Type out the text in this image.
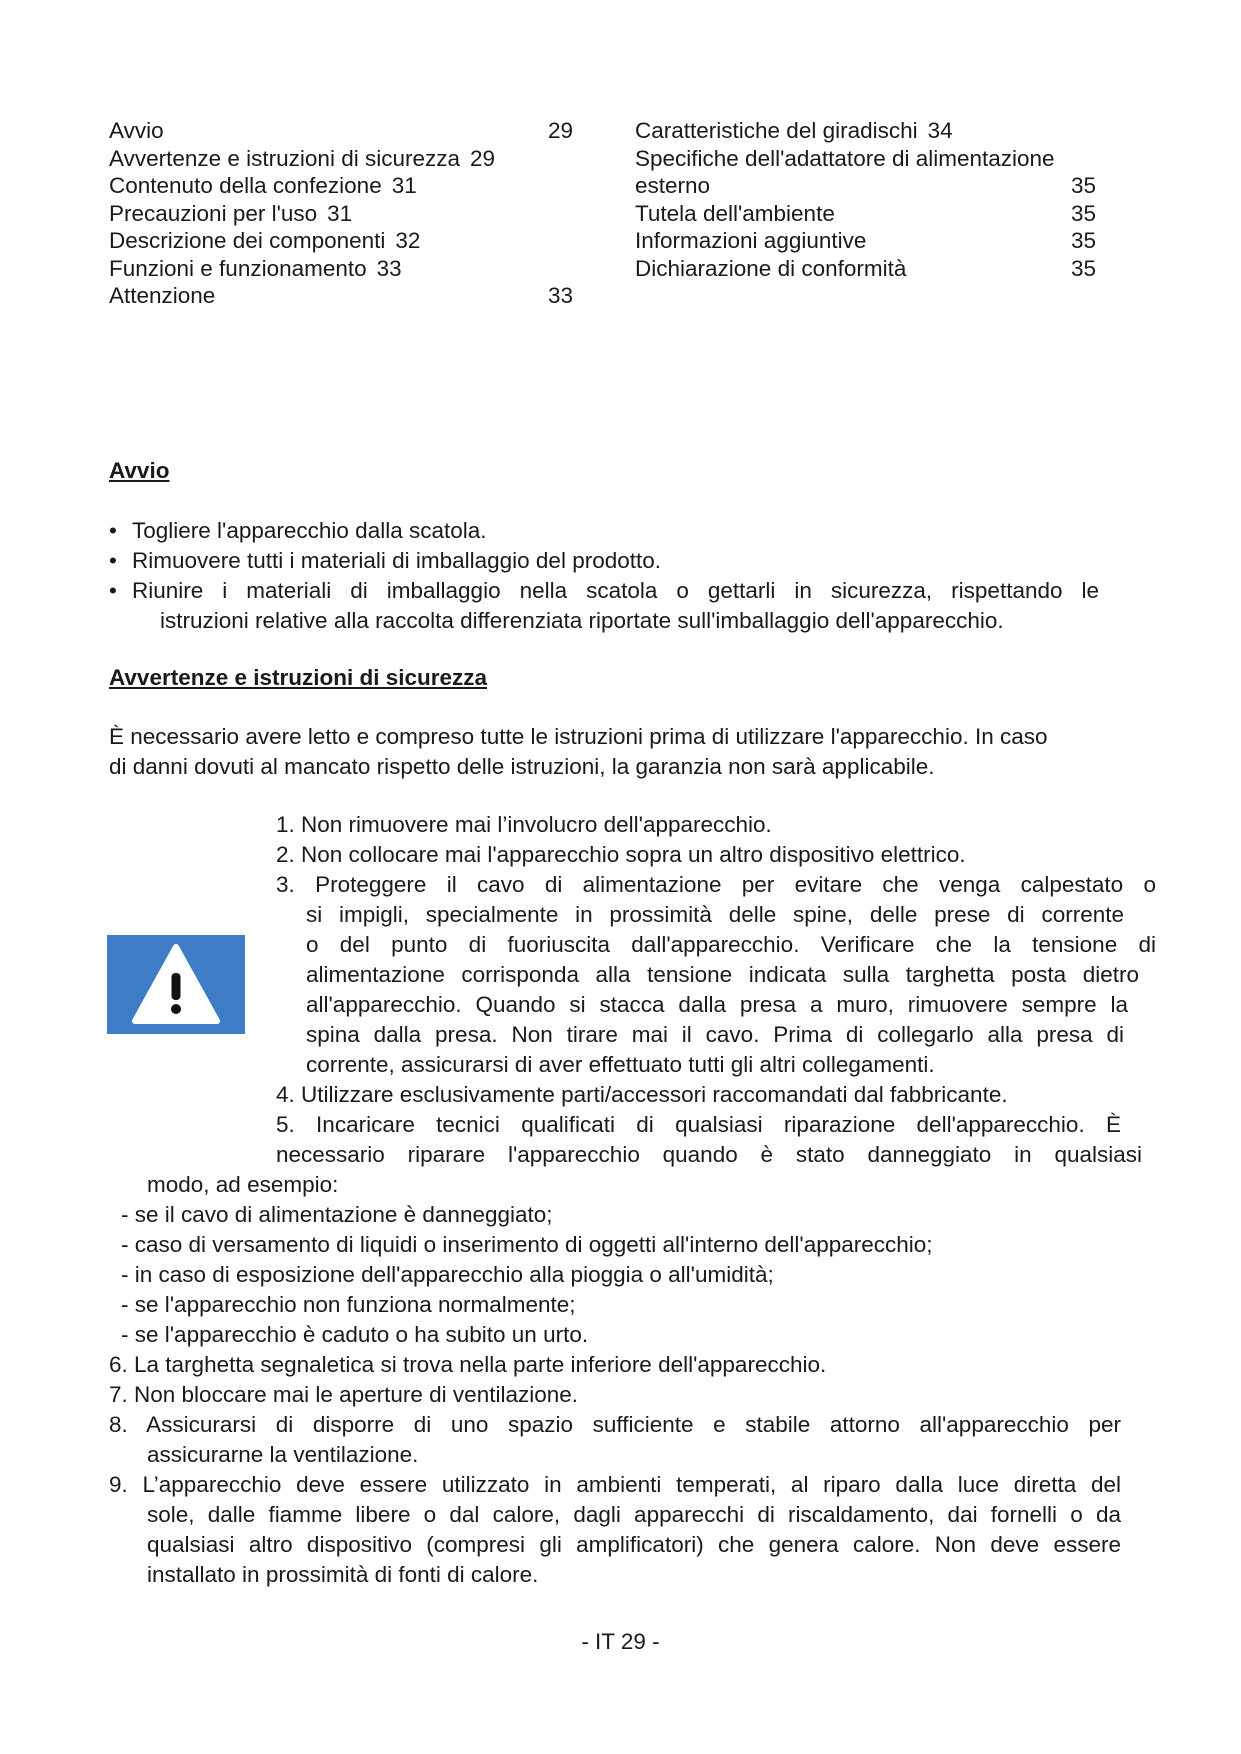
Avvio	29
Avvertenze e istruzioni di sicurezza 29
Contenuto della confezione 31
Precauzioni per l'uso 31
Descrizione dei componenti 32
Funzioni e funzionamento 33
Attenzione	33
Caratteristiche del giradischi 34
Specifiche dell'adattatore di alimentazione
esterno	35
Tutela dell'ambiente	35
Informazioni aggiuntive	35
Dichiarazione di conformità	35
Avvio
• Togliere l'apparecchio dalla scatola.
• Rimuovere tutti i materiali di imballaggio del prodotto.
• Riunire i materiali di imballaggio nella scatola o gettarli in sicurezza, rispettando le
istruzioni relative alla raccolta differenziata riportate sull'imballaggio dell'apparecchio.
Avvertenze e istruzioni di sicurezza
È necessario avere letto e compreso tutte le istruzioni prima di utilizzare l'apparecchio. In caso
di danni dovuti al mancato rispetto delle istruzioni, la garanzia non sarà applicabile.
1. Non rimuovere mai l’involucro dell'apparecchio.
2. Non collocare mai l'apparecchio sopra un altro dispositivo elettrico.
3. Proteggere il cavo di alimentazione per evitare che venga calpestato o
si impigli, specialmente in prossimità delle spine, delle prese di corrente
o del punto di fuoriuscita dall'apparecchio. Verificare che la tensione di
alimentazione corrisponda alla tensione indicata sulla targhetta posta dietro
all'apparecchio. Quando si stacca dalla presa a muro, rimuovere sempre la
spina dalla presa. Non tirare mai il cavo. Prima di collegarlo alla presa di
corrente, assicurarsi di aver effettuato tutti gli altri collegamenti.
4. Utilizzare esclusivamente parti/accessori raccomandati dal fabbricante.
5. Incaricare tecnici qualificati di qualsiasi riparazione dell'apparecchio. È
necessario riparare l'apparecchio quando è stato danneggiato in qualsiasi
modo, ad esempio:
- se il cavo di alimentazione è danneggiato;
- caso di versamento di liquidi o inserimento di oggetti all'interno dell'apparecchio;
- in caso di esposizione dell'apparecchio alla pioggia o all'umidità;
- se l'apparecchio non funziona normalmente;
- se l'apparecchio è caduto o ha subito un urto.
6. La targhetta segnaletica si trova nella parte inferiore dell'apparecchio.
7. Non bloccare mai le aperture di ventilazione.
8. Assicurarsi di disporre di uno spazio sufficiente e stabile attorno all'apparecchio per
assicurarne la ventilazione.
9. L’apparecchio deve essere utilizzato in ambienti temperati, al riparo dalla luce diretta del
sole, dalle fiamme libere o dal calore, dagli apparecchi di riscaldamento, dai fornelli o da
qualsiasi altro dispositivo (compresi gli amplificatori) che genera calore. Non deve essere
installato in prossimità di fonti di calore.
- IT 29 -
